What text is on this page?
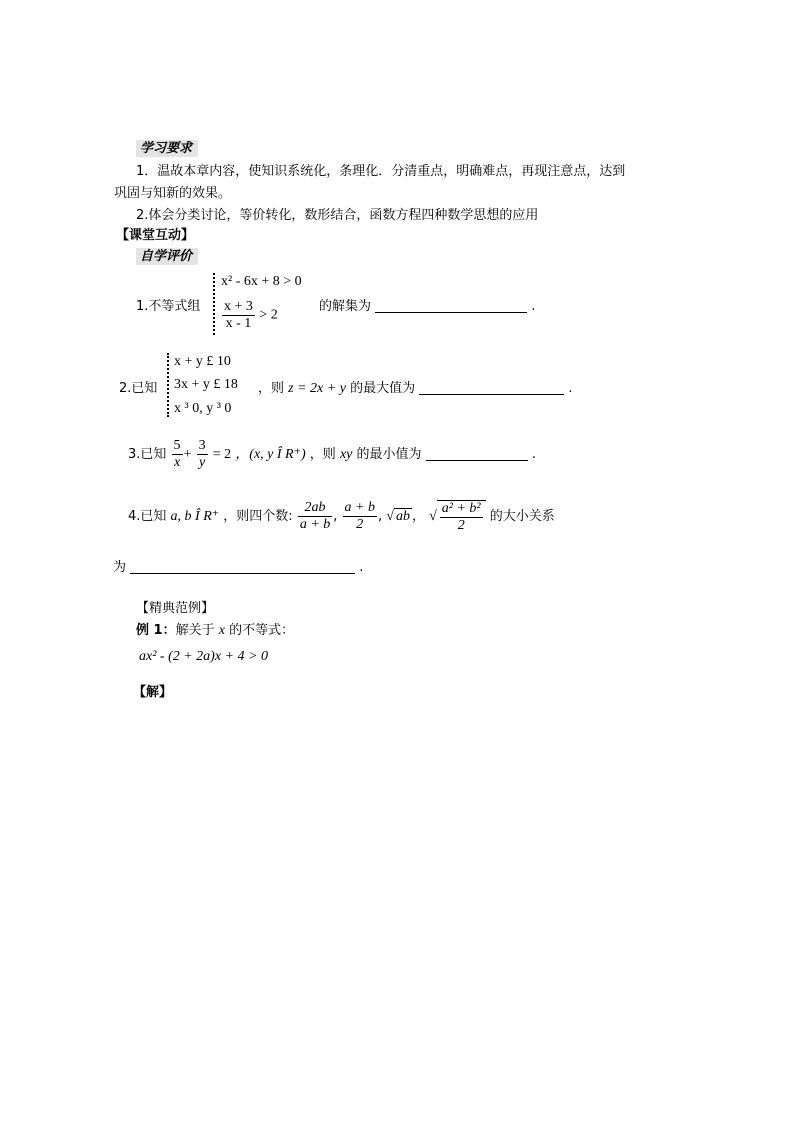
学习要求
1．温故本章内容，使知识系统化，条理化．分清重点，明确难点，再现注意点，达到
巩固与知新的效果。
2.体会分类讨论，等价转化，数形结合，函数方程四种数学思想的应用
【课堂互动】
自学评价
1.不等式组
x² - 6x + 8 > 0
$\frac{x + 3}{x - 1} > 2$
的解集为	.
2.已知
x + y £ 10
3x + y £ 18
x ³ 0, y ³ 0
，则 z = 2x + y 的最大值为	.
3.已知 $\frac{5}{x} + \frac{3}{y} = 2$ ，(x, y Î R⁺) ，则 xy 的最小值为	.
4.已知 a, b Î R⁺ ，则四个数: $\frac{2ab}{a + b}$ , $\frac{a + b}{2}$ , √ ab ， √ $\frac{\text{a² + b²}}{2}$ 的大小关系
为	.
【精典范例】
例 1：解关于 x 的不等式：
ax² - (2 + 2a)x + 4 > 0
【解】
